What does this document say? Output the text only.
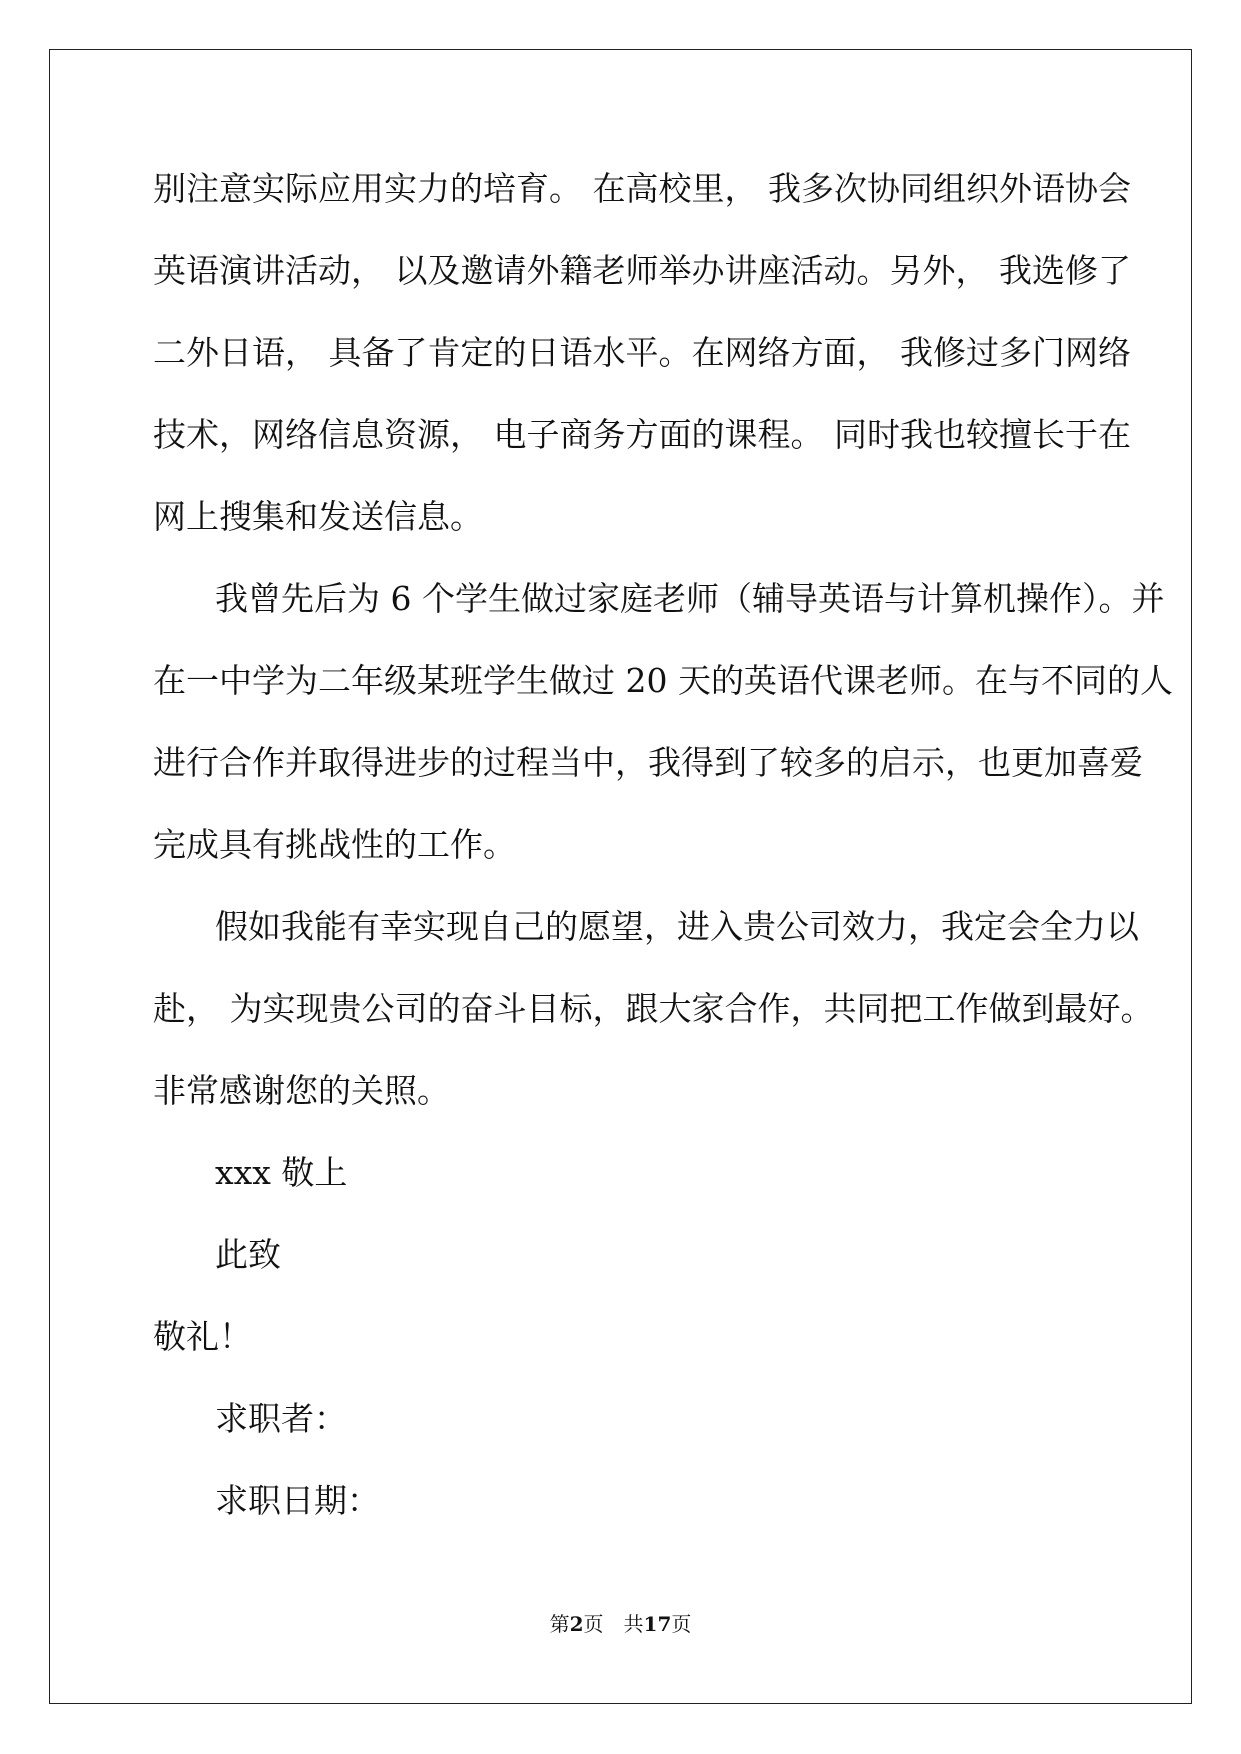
别注意实际应用实力的培育。 在高校里， 我多次协同组织外语协会
英语演讲活动， 以及邀请外籍老师举办讲座活动。另外， 我选修了
二外日语， 具备了肯定的日语水平。在网络方面， 我修过多门网络
技术，网络信息资源， 电子商务方面的课程。 同时我也较擅长于在
网上搜集和发送信息。
我曾先后为 6 个学生做过家庭老师（辅导英语与计算机操作）。并
在一中学为二年级某班学生做过 20 天的英语代课老师。在与不同的人
进行合作并取得进步的过程当中，我得到了较多的启示，也更加喜爱
完成具有挑战性的工作。
假如我能有幸实现自己的愿望，进入贵公司效力，我定会全力以
赴， 为实现贵公司的奋斗目标，跟大家合作，共同把工作做到最好。
非常感谢您的关照。
xxx 敬上
此致
敬礼！
求职者：
求职日期：
第2页　共17页
